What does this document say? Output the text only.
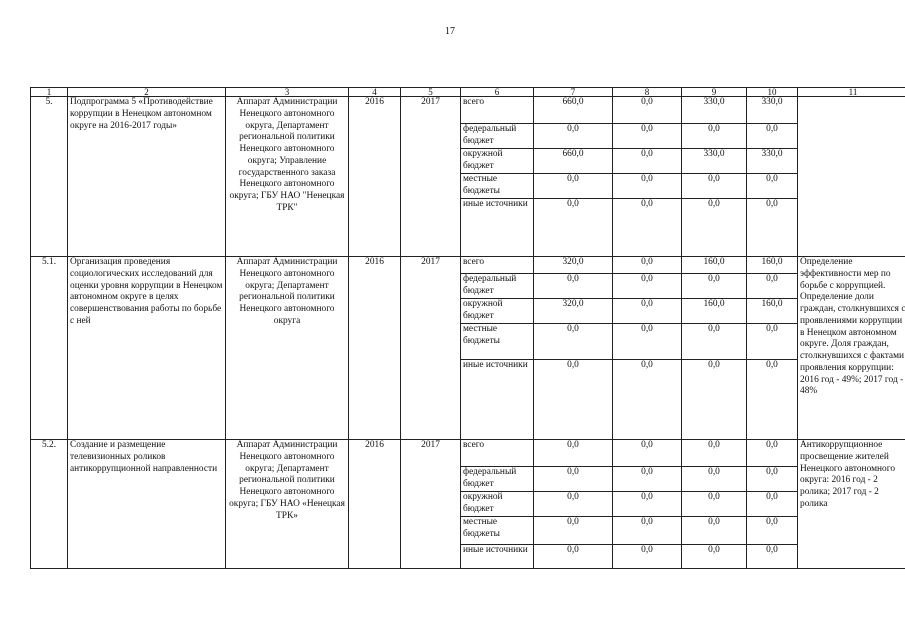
17
1	2	3	4	5	6	7	8	9	10	11
5.	Подпрограмма 5 «Противодействие коррупции в Ненецком автономном округе на 2016-2017 годы»	Аппарат Администрации Ненецкого автономного округа, Департамент региональной политики Ненецкого автономного округа; Управление государственного заказа Ненецкого автономного округа; ГБУ НАО "Ненецкая ТРК"	2016	2017	всего	660,0	0,0	330,0	330,0	
					федеральный бюджет	0,0	0,0	0,0	0,0	
					окружной бюджет	660,0	0,0	330,0	330,0	
					местные бюджеты	0,0	0,0	0,0	0,0	
					иные источники	0,0	0,0	0,0	0,0	
5.1.	Организация проведения социологических исследований для оценки уровня коррупции в Ненецком автономном округе в целях совершенствования работы по борьбе с ней	Аппарат Администрации Ненецкого автономного округа; Департамент региональной политики Ненецкого автономного округа	2016	2017	всего	320,0	0,0	160,0	160,0	Определение эффективности мер по борьбе с коррупцией. Определение доли граждан, столкнувшихся с проявлениями коррупции в Ненецком автономном округе. Доля граждан, столкнувшихся с фактами проявления коррупции: 2016 год - 49%; 2017 год - 48%
					федеральный бюджет	0,0	0,0	0,0	0,0	
					окружной бюджет	320,0	0,0	160,0	160,0	
					местные бюджеты	0,0	0,0	0,0	0,0	
					иные источники	0,0	0,0	0,0	0,0	
5.2.	Создание и размещение телевизионных роликов антикоррупционной направленности	Аппарат Администрации Ненецкого автономного округа; Департамент региональной политики Ненецкого автономного округа; ГБУ НАО «Ненецкая ТРК»	2016	2017	всего	0,0	0,0	0,0	0,0	Антикоррупционное просвещение жителей Ненецкого автономного округа: 2016 год - 2 ролика; 2017 год - 2 ролика
					федеральный бюджет	0,0	0,0	0,0	0,0	
					окружной бюджет	0,0	0,0	0,0	0,0	
					местные бюджеты	0,0	0,0	0,0	0,0	
					иные источники	0,0	0,0	0,0	0,0	
